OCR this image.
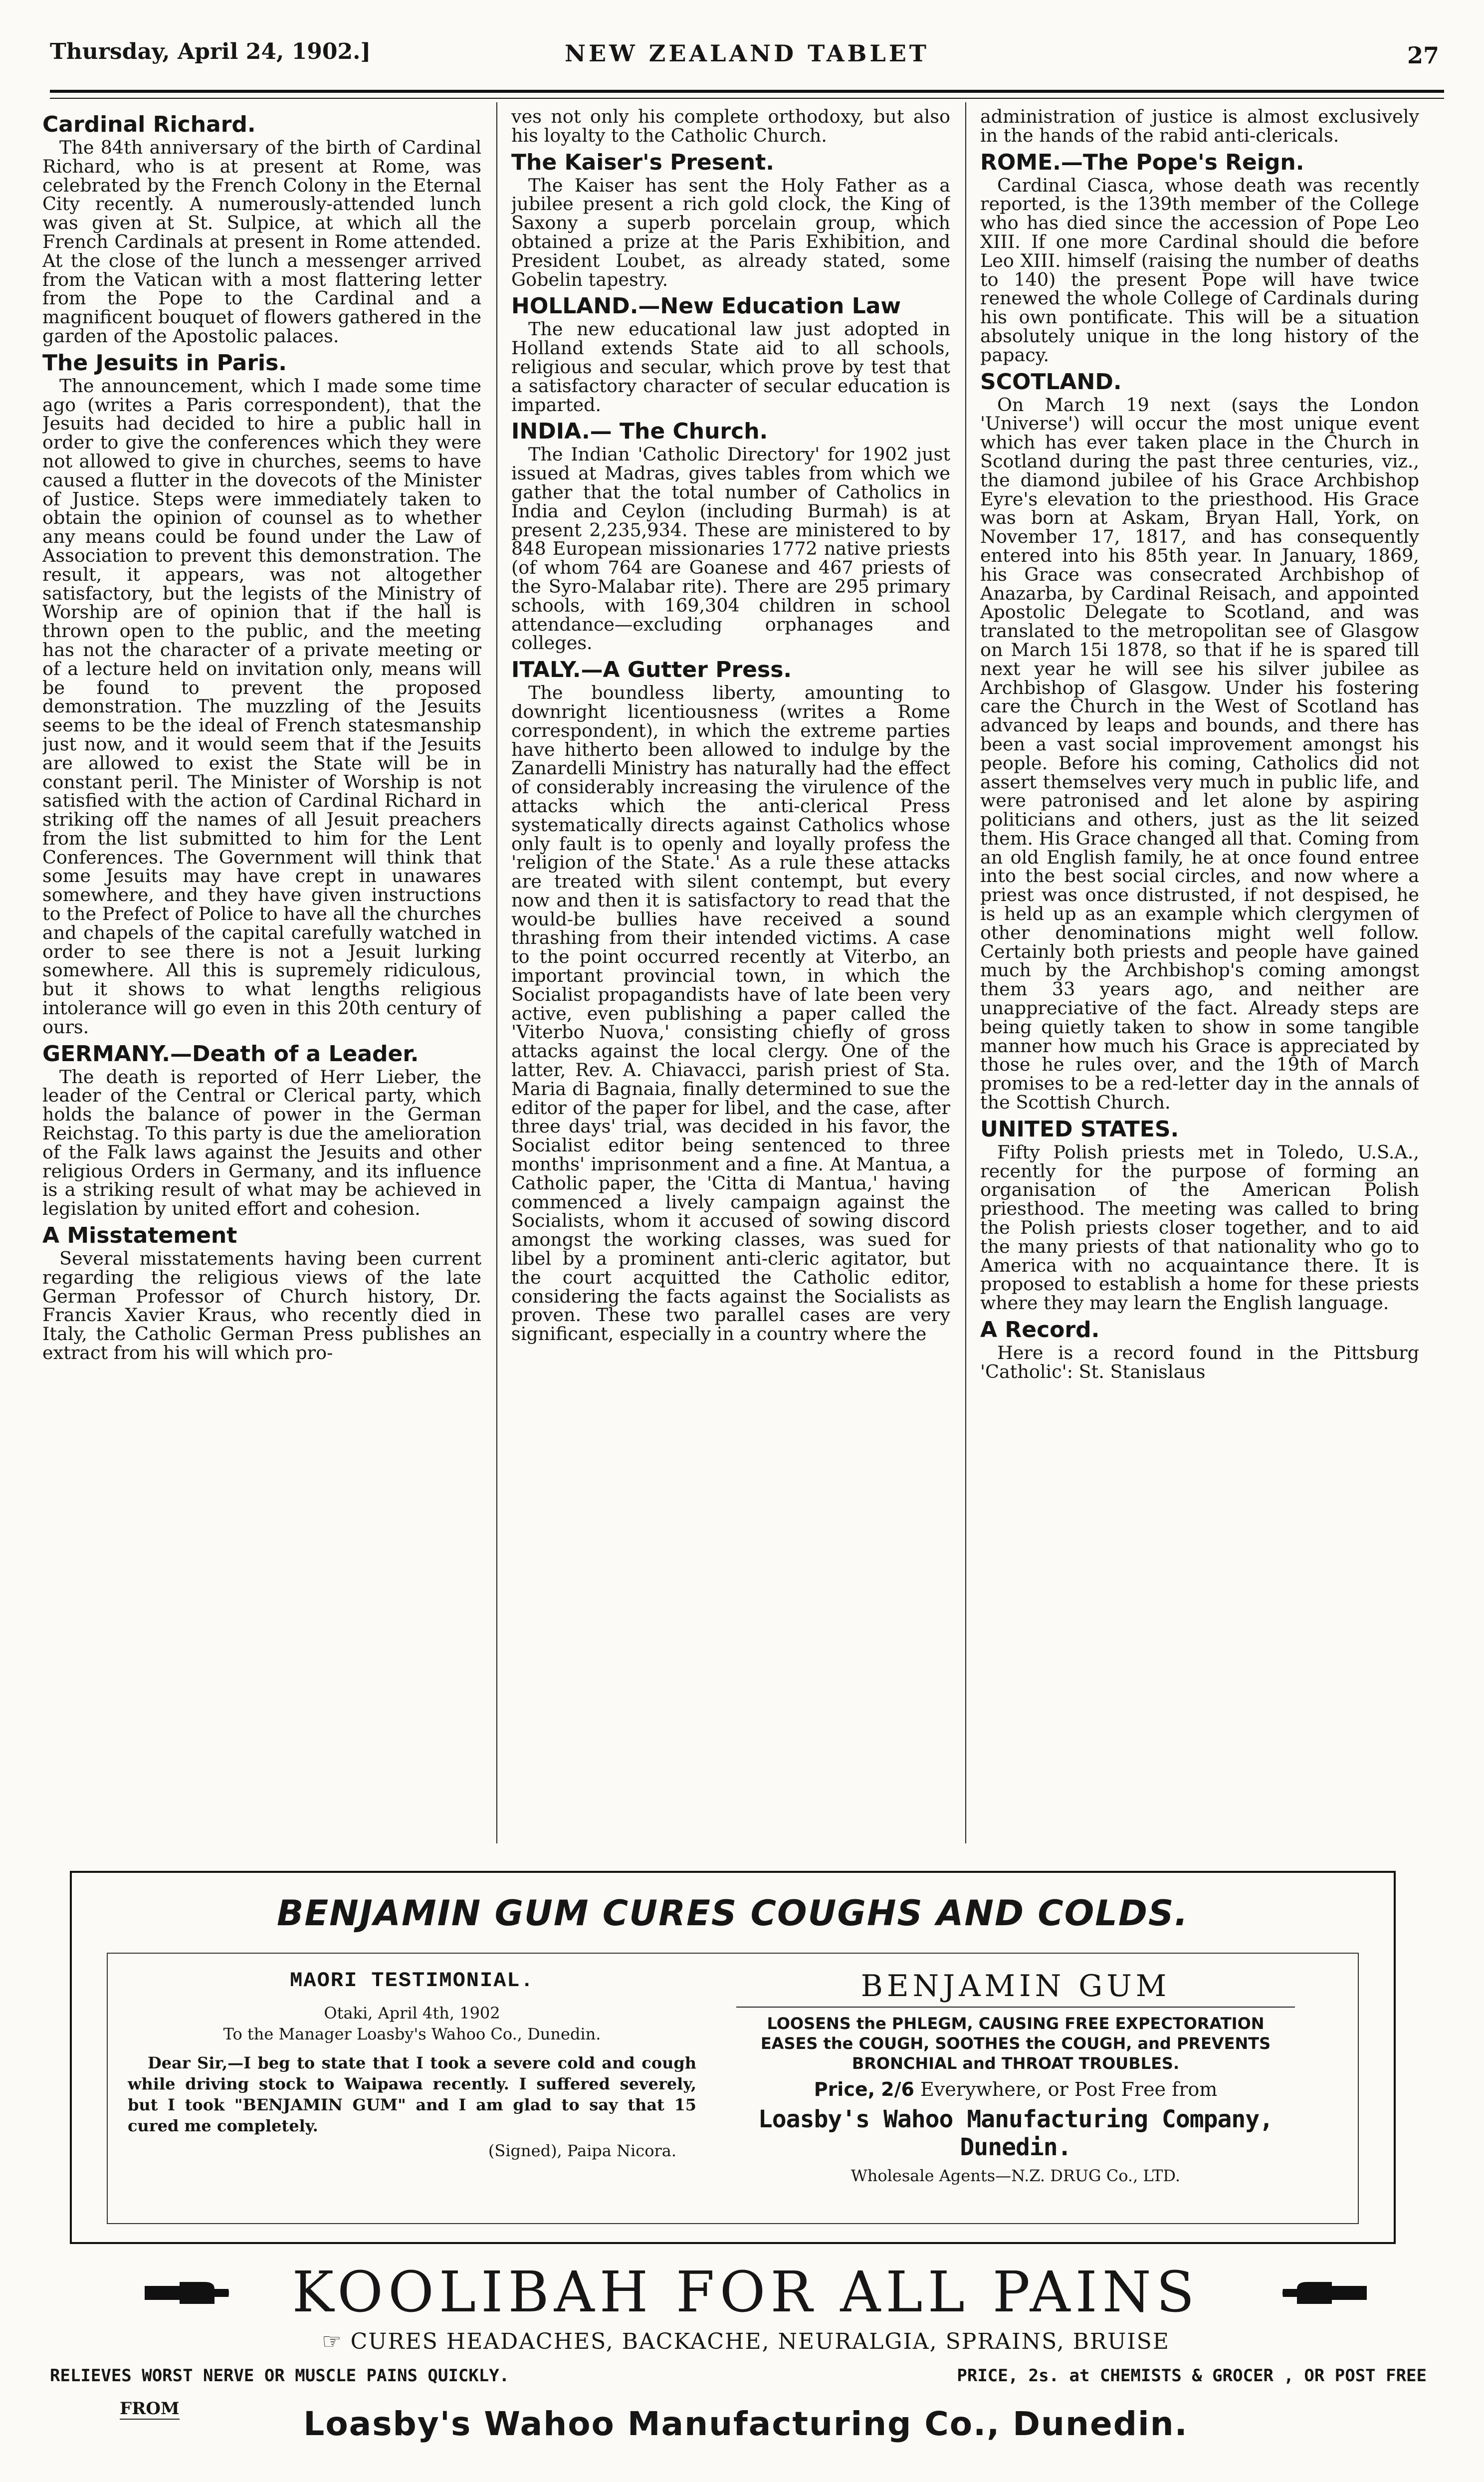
Thursday, April 24, 1902.]	NEW ZEALAND TABLET	27
Cardinal Richard.

The 84th anniversary of the birth of Cardinal Richard, who is at present at Rome, was celebrated by the French Colony in the Eternal City recently. A numerously-attended lunch was given at St. Sulpice, at which all the French Cardinals at present in Rome attended. At the close of the lunch a messenger arrived from the Vatican with a most flattering letter from the Pope to the Cardinal and a magnificent bouquet of flowers gathered in the garden of the Apostolic palaces.

The Jesuits in Paris.

The announcement, which I made some time ago (writes a Paris correspondent), that the Jesuits had decided to hire a public hall in order to give the conferences which they were not allowed to give in churches, seems to have caused a flutter in the dovecots of the Minister of Justice. Steps were immediately taken to obtain the opinion of counsel as to whether any means could be found under the Law of Association to prevent this demonstration. The result, it appears, was not altogether satisfactory, but the legists of the Ministry of Worship are of opinion that if the hall is thrown open to the public, and the meeting has not the character of a private meeting or of a lecture held on invitation only, means will be found to prevent the proposed demonstration. The muzzling of the Jesuits seems to be the ideal of French statesmanship just now, and it would seem that if the Jesuits are allowed to exist the State will be in constant peril. The Minister of Worship is not satisfied with the action of Cardinal Richard in striking off the names of all Jesuit preachers from the list submitted to him for the Lent Conferences. The Government will think that some Jesuits may have crept in unawares somewhere, and they have given instructions to the Prefect of Police to have all the churches and chapels of the capital carefully watched in order to see there is not a Jesuit lurking somewhere. All this is supremely ridiculous, but it shows to what lengths religious intolerance will go even in this 20th century of ours.

GERMANY.—Death of a Leader.

The death is reported of Herr Lieber, the leader of the Central or Clerical party, which holds the balance of power in the German Reichstag. To this party is due the amelioration of the Falk laws against the Jesuits and other religious Orders in Germany, and its influence is a striking result of what may be achieved in legislation by united effort and cohesion.

A Misstatement

Several misstatements having been current regarding the religious views of the late German Professor of Church history, Dr. Francis Xavier Kraus, who recently died in Italy, the Catholic German Press publishes an extract from his will which pro-

ves not only his complete orthodoxy, but also his loyalty to the Catholic Church.

The Kaiser's Present.

The Kaiser has sent the Holy Father as a jubilee present a rich gold clock, the King of Saxony a superb porcelain group, which obtained a prize at the Paris Exhibition, and President Loubet, as already stated, some Gobelin tapestry.

HOLLAND.—New Education Law

The new educational law just adopted in Holland extends State aid to all schools, religious and secular, which prove by test that a satisfactory character of secular education is imparted.

INDIA.— The Church.

The Indian 'Catholic Directory' for 1902 just issued at Madras, gives tables from which we gather that the total number of Catholics in India and Ceylon (including Burmah) is at present 2,235,934. These are ministered to by 848 European missionaries 1772 native priests (of whom 764 are Goanese and 467 priests of the Syro-Malabar rite). There are 295 primary schools, with 169,304 children in school attendance—excluding orphanages and colleges.

ITALY.—A Gutter Press.

The boundless liberty, amounting to downright licentiousness (writes a Rome correspondent), in which the extreme parties have hitherto been allowed to indulge by the Zanardelli Ministry has naturally had the effect of considerably increasing the virulence of the attacks which the anti-clerical Press systematically directs against Catholics whose only fault is to openly and loyally profess the 'religion of the State.' As a rule these attacks are treated with silent contempt, but every now and then it is satisfactory to read that the would-be bullies have received a sound thrashing from their intended victims. A case to the point occurred recently at Viterbo, an important provincial town, in which the Socialist propagandists have of late been very active, even publishing a paper called the 'Viterbo Nuova,' consisting chiefly of gross attacks against the local clergy. One of the latter, Rev. A. Chiavacci, parish priest of Sta. Maria di Bagnaia, finally determined to sue the editor of the paper for libel, and the case, after three days' trial, was decided in his favor, the Socialist editor being sentenced to three months' imprisonment and a fine. At Mantua, a Catholic paper, the 'Citta di Mantua,' having commenced a lively campaign against the Socialists, whom it accused of sowing discord amongst the working classes, was sued for libel by a prominent anti-cleric agitator, but the court acquitted the Catholic editor, considering the facts against the Socialists as proven. These two parallel cases are very significant, especially in a country where the

administration of justice is almost exclusively in the hands of the rabid anti-clericals.

ROME.—The Pope's Reign.

Cardinal Ciasca, whose death was recently reported, is the 139th member of the College who has died since the accession of Pope Leo XIII. If one more Cardinal should die before Leo XIII. himself (raising the number of deaths to 140) the present Pope will have twice renewed the whole College of Cardinals during his own pontificate. This will be a situation absolutely unique in the long history of the papacy.

SCOTLAND.

On March 19 next (says the London 'Universe') will occur the most unique event which has ever taken place in the Church in Scotland during the past three centuries, viz., the diamond jubilee of his Grace Archbishop Eyre's elevation to the priesthood. His Grace was born at Askam, Bryan Hall, York, on November 17, 1817, and has consequently entered into his 85th year. In January, 1869, his Grace was consecrated Archbishop of Anazarba, by Cardinal Reisach, and appointed Apostolic Delegate to Scotland, and was translated to the metropolitan see of Glasgow on March 15i 1878, so that if he is spared till next year he will see his silver jubilee as Archbishop of Glasgow. Under his fostering care the Church in the West of Scotland has advanced by leaps and bounds, and there has been a vast social improvement amongst his people. Before his coming, Catholics did not assert themselves very much in public life, and were patronised and let alone by aspiring politicians and others, just as the lit seized them. His Grace changed all that. Coming from an old English family, he at once found entree into the best social circles, and now where a priest was once distrusted, if not despised, he is held up as an example which clergymen of other denominations might well follow. Certainly both priests and people have gained much by the Archbishop's coming amongst them 33 years ago, and neither are unappreciative of the fact. Already steps are being quietly taken to show in some tangible manner how much his Grace is appreciated by those he rules over, and the 19th of March promises to be a red-letter day in the annals of the Scottish Church.

UNITED STATES.

Fifty Polish priests met in Toledo, U.S.A., recently for the purpose of forming an organisation of the American Polish priesthood. The meeting was called to bring the Polish priests closer together, and to aid the many priests of that nationality who go to America with no acquaintance there. It is proposed to establish a home for these priests where they may learn the English language.

A Record.

Here is a record found in the Pittsburg 'Catholic': St. Stanislaus

BENJAMIN GUM CURES COUGHS AND COLDS.
MAORI TESTIMONIAL.
Otaki, April 4th, 1902
To the Manager Loasby's Wahoo Co., Dunedin.
Dear Sir,—I beg to state that I took a severe cold and cough while driving stock to Waipawa recently. I suffered severely, but I took "BENJAMIN GUM" and I am glad to say that 15 cured me completely.
(Signed), Paipa Nicora.
BENJAMIN GUM
LOOSENS the PHLEGM, CAUSING FREE EXPECTORATION EASES the COUGH, SOOTHES the COUGH, and PREVENTS BRONCHIAL and THROAT TROUBLES.
Price, 2/6 Everywhere, or Post Free from
Loasby's Wahoo Manufacturing Company, Dunedin.
Wholesale Agents—N.Z. DRUG Co., LTD.
KOOLIBAH FOR ALL PAINS
☞ CURES HEADACHES, BACKACHE, NEURALGIA, SPRAINS, BRUISE
RELIEVES WORST NERVE OR MUSCLE PAINS QUICKLY.	PRICE, 2s. at CHEMISTS & GROCER , OR POST FREE
FROM	Loasby's Wahoo Manufacturing Co., Dunedin.
